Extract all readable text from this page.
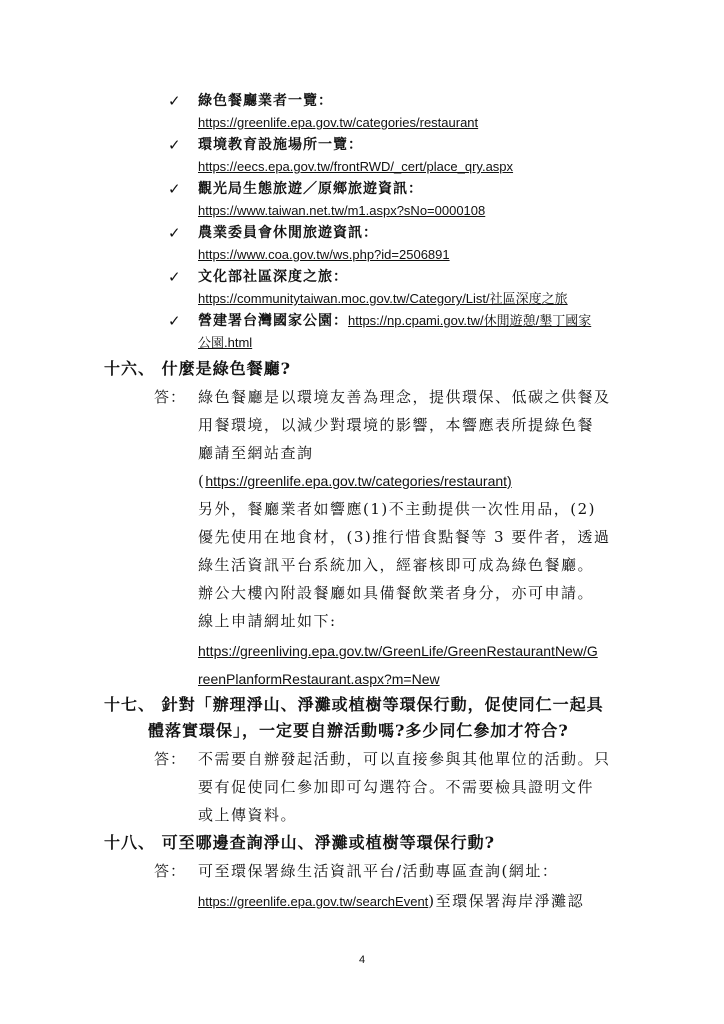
✓ 綠色餐廳業者一覽：
https://greenlife.epa.gov.tw/categories/restaurant
✓ 環境教育設施場所一覽：
https://eecs.epa.gov.tw/frontRWD/_cert/place_qry.aspx
✓ 觀光局生態旅遊／原鄉旅遊資訊：
https://www.taiwan.net.tw/m1.aspx?sNo=0000108
✓ 農業委員會休閒旅遊資訊：
https://www.coa.gov.tw/ws.php?id=2506891
✓ 文化部社區深度之旅：
https://communitytaiwan.moc.gov.tw/Category/List/社區深度之旅
✓ 營建署台灣國家公園：https://np.cpami.gov.tw/休閒遊憩/墾丁國家
公園.html
十六、 什麼是綠色餐廳?
答： 綠色餐廳是以環境友善為理念，提供環保、低碳之供餐及
用餐環境，以減少對環境的影響，本響應表所提綠色餐
廳請至網站查詢
(https://greenlife.epa.gov.tw/categories/restaurant)
另外，餐廳業者如響應(1)不主動提供一次性用品，(2)
優先使用在地食材，(3)推行惜食點餐等 3 要件者，透過
綠生活資訊平台系統加入，經審核即可成為綠色餐廳。
辦公大樓內附設餐廳如具備餐飲業者身分，亦可申請。
線上申請網址如下:
https://greenliving.epa.gov.tw/GreenLife/GreenRestaurantNew/G
reenPlanformRestaurant.aspx?m=New
十七、 針對「辦理淨山、淨灘或植樹等環保行動，促使同仁一起具
體落實環保」，一定要自辦活動嗎?多少同仁參加才符合?
答： 不需要自辦發起活動，可以直接參與其他單位的活動。只
要有促使同仁參加即可勾選符合。不需要檢具證明文件
或上傳資料。
十八、 可至哪邊查詢淨山、淨灘或植樹等環保行動?
答： 可至環保署綠生活資訊平台/活動專區查詢(網址：
https://greenlife.epa.gov.tw/searchEvent)至環保署海岸淨灘認
4
